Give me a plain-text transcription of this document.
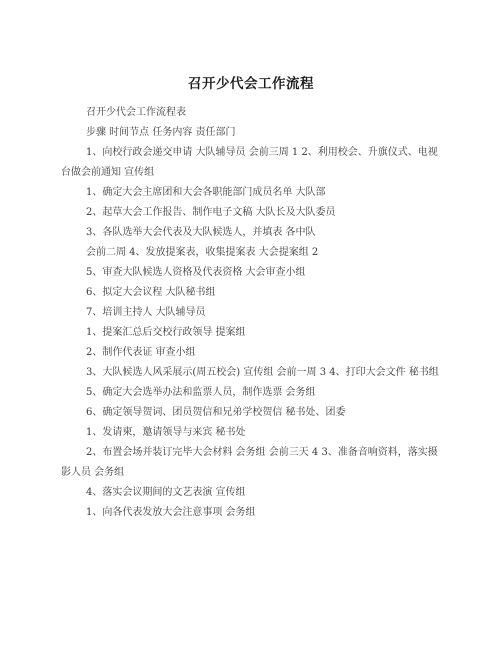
召开少代会工作流程

召开少代会工作流程表

步骤 时间节点 任务内容 责任部门

1、向校行政会递交申请 大队辅导员 会前三周 1 2、利用校会、升旗仪式、电视台做会前通知 宣传组

1、确定大会主席团和大会各职能部门成员名单 大队部

2、起草大会工作报告、制作电子文稿 大队长及大队委员

3、各队选举大会代表及大队候选人，并填表 各中队

会前二周 4、发放提案表，收集提案表 大会提案组 2

5、审查大队候选人资格及代表资格 大会审查小组

6、拟定大会议程 大队秘书组

7、培训主持人 大队辅导员

1、提案汇总后交校行政领导 提案组

2、制作代表证 审查小组

3、大队候选人风采展示(周五校会) 宣传组 会前一周 3 4、打印大会文件 秘书组

5、确定大会选举办法和监票人员，制作选票 会务组

6、确定领导贺词、团员贺信和兄弟学校贺信 秘书处、团委

1、发请柬，邀请领导与来宾 秘书处

2、布置会场并装订完毕大会材料 会务组 会前三天 4 3、准备音响资料，落实摄影人员 会务组

4、落实会议期间的文艺表演 宣传组

1、向各代表发放大会注意事项 会务组
